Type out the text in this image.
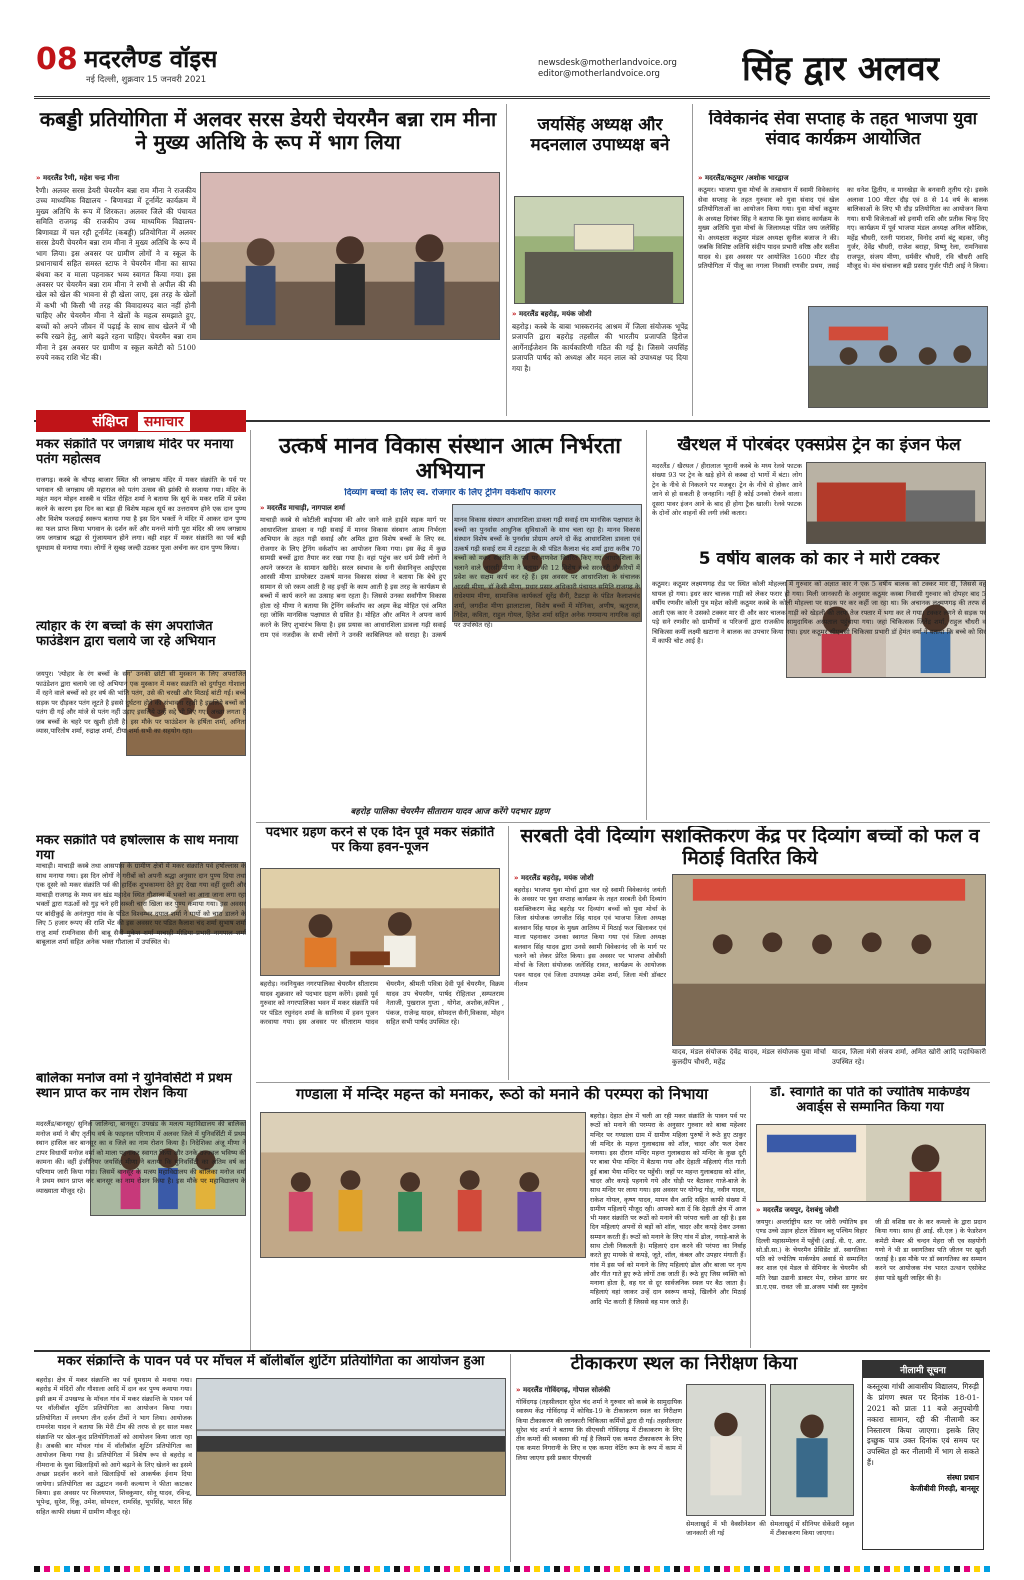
08 मदरलैण्ड वॉइस
नई दिल्ली, शुक्रवार 15 जनवरी 2021
newsdesk@motherlandvoice.org
editor@motherlandvoice.org	सिंह द्वार अलवर
कबड्डी प्रतियोगिता में अलवर सरस डेयरी चेयरमैन बन्ना राम मीना ने मुख्य अतिथि के रूप में भाग लिया
» मदरलैंड रैणी, महेश चन्द्र मीना
रैणी। अलवर सरस डेयरी चेयरमैन बन्ना राम मीना ने राजकीय उच्च माध्यमिक विद्यालय - बिणावडा में टूर्नामेंट कार्यक्रम में मुख्य अतिथि के रूप में शिरकत। अलवर जिले की पंचायत समिति राजगढ़ की राजकीय उच्च माध्यमिक विद्यालय-बिणावडा में चल रही टूर्नामेंट (कबड्डी) प्रतियोगिता में अलवर सरस डेयरी चेयरमैन बन्ना राम मीना ने मुख्य अतिथि के रूप में भाग लिया। इस अवसर पर ग्रामीण लोगों ने व स्कूल के प्रधानाचार्य सहित समस्त स्टाफ ने चेयरमैन मीना का साफा बंधवा कर व माला पहनाकर भव्य स्वागत किया गया। इस अवसर पर चेयरमैन बन्ना राम मीना ने सभी से अपील की की खेल को खेल की भावना से ही खेला जाए, इस तरह के खेलों में कभी भी किसी भी तरह की विवादास्पद बात नहीं होनी चाहिए और चेयरमैन मीना ने खेलों के महत्व समझाते हुए, बच्चों को अपने जीवन में पढ़ाई के साथ साथ खेलने में भी रूचि रखने हेतु, आगे बढ़ते रहना चाहिए। चेयरमैन बन्ना राम मीना ने इस अवसर पर ग्रामीण व स्कूल कमेटी को 5100 रुपये नकद राशि भेंट की।

जयसिंह अध्यक्ष और मदनलाल उपाध्यक्ष बने
» मदरलैंड बहरोड़, मयंक जोशी
बहरोड़। कस्बे के बाबा भास्करानंद आश्रम में जिला संयोजक भूपेंद्र प्रजापति द्वारा बहरोड़ तहसील की भारतीय प्रजापति हिरोज आर्गेनाईजेशन कि कार्यकारिणी गठित की गई है। जिसमे जयसिंह प्रजापति पार्षद को अध्यक्ष और मदन लाल को उपाध्यक्ष पद दिया गया है।
विवेकानंद सेवा सप्ताह के तहत भाजपा युवा संवाद कार्यक्रम आयोजित
» मदरलैंड/कठूमर /अशोक भारद्वाज
कठूमर। भाजपा युवा मोर्चा के तत्वाधान में स्वामी विवेकानंद सेवा सप्ताह के तहत गुरुवार को युवा संवाद एवं खेल प्रतियोगिताओं का आयोजन किया गया। युवा मोर्चा कठूमर के अध्यक्ष दिगंबर सिंह ने बताया कि युवा संवाद कार्यक्रम के मुख्य अतिथि युवा मोर्चा के जिलाध्यक्ष पंडित जय जलेसिंह थे। अध्यक्षता कठूमर मंडल अध्यक्ष सुनील बजाज ने की। जबकि विशिष्ट अतिथि संदीप यादव प्रभारी वरिष्ठ और सतीश यादव थे। इस अवसर पर आयोजित 1600 मीटर दौड़ प्रतियोगिता में पीलू का नगला निवासी रणवीर प्रथम, तसई का धनेश द्वितीय, व मानखेड़ा के बनवारी तृतीय रहे। इसके अलावा 100 मीटर दौड़ एवं 8 से 14 वर्ष के बालक बालिकाओं के लिए भी दौड़ प्रतियोगिता का आयोजन किया गया। सभी विजेताओं को इनामी राशि और प्रतीक चिन्ह दिए गए। कार्यक्रम में पूर्व भाजपा मंडल अध्यक्ष अनिल कौशिक, महेंद्र चौधरी, रतनी पाराशर, विनोद शर्मा बंटू बड़का, जीतू गुर्जर, देवेंद्र चौधरी, राजेश बराहा, विष्णु रेला, रामनिवास राजपूत, संजय मीणा, धर्मवीर चौधरी, रवि चौधरी आदि मौजूद थे। मंच संचालन बद्री प्रसाद गुर्जर पीटी आई ने किया।
संक्षिप्त	समाचार
मकर संक्रांति पर जगन्नाथ मंदिर पर मनाया पतंग महोत्सव
राजगढ़। कस्बे के चौपड़ बाजार स्थित श्री जगन्नाथ मंदिर में मकर संक्रांति के पर्व पर भगवान श्री जगन्नाथ जी महाराज को पतंग उत्सव की झांकी से सजाया गया। मंदिर के महंत मदन मोहन शास्त्री व पंडित रोहित शर्मा ने बताया कि सूर्य के मकर राशि में प्रवेश करने के कारण इस दिन का बड़ा ही विशेष महत्व सूर्य का उत्तरायण होने एक दान पुण्य और विशेष फलदाई स्वरूप बताया गया है इस दिन भक्तों ने मंदिर में आकर दान पुण्य का फल प्राप्त किया भगवान के दर्शन करें और मनन्ते मांगी पूरा मंदिर श्री जय जगन्नाथ जय जगन्नाथ श्रद्धा से गुंजायमान होने लगा। वही शहर में मकर संक्रांति का पर्व बड़ी धूमधाम से मनाया गया। लोगों ने सुबह जल्दी उठकर पूजा अर्चना कर दान पुण्य किया।
त्योहार के रंग बच्चों के संग अपराजित फाउंडेशन द्वारा चलाये जा रहे अभियान
जयपुर। 'त्योहार के रंग बच्चों के संग' उनकी छोटी सी मुस्कान के लिए अपराजित फाउंडेशन द्वारा चलाये जा रहे अभियान एक मुस्कान में मकर सक्रांति को दुर्गापुरा गोशाला में रहने वाले बच्चों को हर वर्ष की भांति पतंग, उसे की चरखी और मिठाई बांटी गई। बच्चे सड़क पर दौड़कर पतंग लूटते है इससे दुर्घटना होने की संभावना रहती है इसलिये बच्चों को पतंग दी गई और मांजे से पतंग नहीं उड़ाए इसलिये उन्हें सद्दे भी दिए गए। अच्छा लगता है जब बच्चों के चहरे पर खुशी होती है। इस मौके पर फाउंडेशन के हर्षिता शर्मा, अनिता व्यास,पारितोष शर्मा, रुद्राक्ष शर्मा, टीया शर्मा सभी का सहयोग रहा।
मकर सक्रांति पर्व हर्षोल्लास के साथ मनाया गया
माचाड़ी। माचाड़ी कस्बे तथा आसपास के ग्रामीण क्षेत्रों में मकर संक्रांति पर्व हर्षोल्लास के साथ मनाया गया। इस दिन लोगों ने गरीबों को अपनी श्रद्धा अनुसार दान पुण्य दिया तथा एक दूसरे को मकर संक्रांति पर्व की हार्दिक शुभकामना देते हुए देखा गया वहीं दूसरी और माचाड़ी राजगढ़ के मध्य वन खंड महादेव स्थित गौशाला में भक्तो का आना जाना लगा रहा भक्तों द्वारा गऊओं को गुड़ चने हरी सब्जी चारा खिला कर पुण्य कमाया गया। इस अवसर पर बांदीकुई के अनंतपुरा गांव के पंडित विश्वम्भर दयाल शर्मा ने गायों को चारा डालने के लिए 5 हजार रूपए की राशि भेंट की इस अवसर पर पंडित कैलाश चंद शर्मा सुभाष शर्मा राजु शर्मा रामनिवास सैनी बाबू सैनी मुकेश शर्मा माचाड़ी मीडिया प्रभारी नागपाल शर्मा बाबूलाल शर्मा सहित अनेक भक्त गौशाला में उपस्थित थे।
बालिका मनोज वर्मा ने युनिवर्सिटी में प्रथम स्थान प्राप्त कर नाम रोशन किया
मदरलैंड/बानसूर/ सुनिल जालिन्दा, बानसूर। उपखंड के मलत्य महाविद्यालय की बालिका मनोज वर्मा ने बीए तृतीय वर्ष के फाइनल परिणाम में अलवर जिले में युनिवर्सिटी में प्रथम स्थान हासिल कर बानसूर का व जिले का नाम रोशन किया है। निदेशिका अंजू मीणा ने टापर विधार्थी मनोज वर्मा को माला पहनाकर स्वागत किया और उनके उज्ज्वल भविष्य की कामना की। वहीं इंजीनियर जयसिंह मीणा ने बताया कि युनिवर्सिटी का अंतिम वर्ष का परिणाम जारी किया गया। जिसमें बानसूर के मत्स्य महाविद्यालय की बालिका मनोज वर्मा ने प्रथम स्थान प्राप्त कर बानसूर का नाम रोशन किया है। इस मौके पर महाविद्यालय के व्याख्याता मौजूद रहे।
उत्कर्ष मानव विकास संस्थान आत्म निर्भरता अभियान
दिव्यांग बच्चों के लिए स्व. रोजगार के लिए ट्रेनिंग वर्कशॉप कारगर
» मदरलैंड माचाड़ी, नागपाल शर्मा
माचाड़ी कस्बे से कोटीली बाईपास की ओर जाने वाले हाईवे सड़क मार्ग पर आधारशिला डावला व गढ़ी सवाई में मानव विकास संस्थान आत्म निर्भरता अभियान के तहत गढ़ी सवाई और अमित द्वारा विशेष बच्चों के लिए स्व. रोजगार के लिए ट्रेनिंग वर्कशॉप का आयोजन किया गया। इस केंद्र में कुछ सामग्री बच्चों द्वारा तैयार कर रखा गया है। वहां पहुंच कर धर्म प्रेमी लोगों ने अपने जरूरत के सामान खरीदे। सरल स्वभाव के धनी सेवानिवृत्त आईएएस आरसी मीणा डायरेक्टर उत्कर्ष मानव विकास संस्था ने बताया कि बेचे हुए सामान से जो रकम आती है वह इन्हीं के काम आती है इस तरह के कार्यक्रम से बच्चों में कार्य करने का उत्साह बना रहता है। जिससे उनका सर्वांगीण विकास होता रहे मीणा ने बताया कि ट्रेनिंग वर्कशॉप का अहम केंद्र मोहित एवं अमित रहा जोकि मानसिक पक्षाघात से ग्रसित है। मोहित और अमित ने अपना कार्य करने के लिए शुभारंभ किया है। इस प्रयास का आधारशिला डावला गढ़ी सवाई राम एवं नजदीक के सभी लोगों ने उनकी काबिलियत को सराहा है। उत्कर्ष मानव विकास संस्थान आधारशिला डावला गढ़ी सवाई राम मानसिक पक्षाघात के बच्चों का पुनर्वास आधुनिक सुविधाओं के साथ चला रहा है। मानव विकास संस्थान विशेष बच्चों के पुनर्वास प्रोग्राम अपने दो केंद्र आधारशिला डावला एवं उत्कर्ष गढ़ी सवाई राम में टहटड़ा के श्री पंडित कैलाश चंद शर्मा द्वारा करीब 70 बच्चों को मकर संक्रांति के पर्व पर गणवेश वितरित किए गए आधारशिला के चलाने वाले आरसी मीणा ने बताया की 12 विशेष बच्चे सरकारी नौकरियों में प्रवेश कर सक्षम कार्य कर रहे हैं। इस अवसर पर आधारशिला के संचालक आरसी मीणा, डॉ केसी मीणा, प्रधार प्रसार अधिकारी पंचायत समिति राजगढ़ के राधेश्याम मीणा, सामाजिक कार्यकर्ता सुरेंद्र सैनी, टैडटड़ा के पंडित कैलाशचंद शर्मा, जगदीश मीणा झालाटाला, विशेष बच्चों में मोनिका, अणीष, ऋतुराज, निदेश, कविता, राहुल गोयल, हितेश शर्मा सहित अनेक गणमान्य नागरिक वहां पर उपस्थित रहे।
बहरोड़ पालिका चेयरमैन सीताराम यादव आज करेंगे पदभार ग्रहण
खैरथल में पोरबंदर एक्सप्रेस ट्रेन का इंजन फेल
मदरलैंड / खैरथल / हीरालाल भूरानी कस्बे के मध्य रेलवे फाटक संख्या 93 पर ट्रेन के खड़े होने से कस्बा दो भागों में बंटा। लोग ट्रेन के नीचे से निकलने पर मजबूर। ट्रेन के नीचे से होकर आने जाने से हो सकती है जनहानि। नहीं है कोई उनको रोकने वाला। दूसरा पावर इंजन आने के बाद ही होगा ट्रैक खाली। रेलवे फाटक के दोनों ओर वाहनों की लगी लंबी कतार।
5 वर्षीय बालक को कार ने मारी टक्कर
कठूमर। कठूमर लक्ष्मणगढ़ रोड पर स्थित कोली मोहल्ला में गुरुवार को अज्ञात कार ने एक 5 वर्षीय बालक को टक्कर मार दी, जिससे वह घायल हो गया। इधर कार चालक गाड़ी को लेकर फरार हो गया। मिली जानकारी के अनुसार कठूमर कस्बा निवासी गुरुवार को दोपहर बाद 5 वर्षीय रणवीर कोली पुत्र महेश कोली कठूमर कस्बे के कोली मोहल्ला पर सड़क पर कर कहीं जा रहा था। कि अचानक लक्ष्मणगढ़ की तरफ से आती एक कार ने उसको टक्कर मार दी और कार चालक गाड़ी को खेड़ली की तरफ तेज रफ्तार में भगा कर ले गया। टक्कर लगने से सड़क पर पड़े सने रणवीर को ग्रामीणों व परिजनों द्वारा राजकीय सामुदायिक अस्पताल पहुंचाया गया। जहां चिकित्सक जितेंद्र शर्मा, राहुल चौधरी व चिकित्सा कर्मी लक्ष्मी खटाना ने बालक का उपचार किया गया। इधर कठूमर सीएचसी चिकित्सा प्रभारी डॉ हेमंत वर्मा ने बताया कि बच्चे को सिर में काफी चोट आई है।
पदभार ग्रहण करने से एक दिन पूर्व मकर संक्रांति पर किया हवन-पूजन
बहरोड़। नवनियुक्त नगरपालिका चेयरमैन सीताराम यादव शुक्रवार को पदभार ग्रहण करेंगे। इससे पूर्व गुरुवार को नगरपालिका भवन में मकर संक्रांति पर्व पर पंडित रघुनंदन शर्मा के सानिध्य में हवन पूजन करवाया गया। इस अवसर पर सीताराम यादव चेयरमैन, श्रीमती पवित्रा देवी पूर्व चेयरमैन, विक्रम यादव उप चेयरमैन, पार्षद रोहिताश ,सम्पतराम नेताजी, पुखराज गुप्ता , योगेश, अशोक,कपिल , पंकज, राजेन्द्र यादव, सोमदत्त सैनी,विकास, मोहन सहित सभी पार्षद उपस्थित रहे।
सरबती देवी दिव्यांग सशक्तिकरण केंद्र पर दिव्यांग बच्चों को फल व मिठाई वितरित किये
» मदरलैंड बहरोड़, मयंक जोशी
बहरोड़। भाजपा युवा मोर्चा द्वारा चल रहे स्वामी विवेकानंद जयंती के अवसर पर युवा सप्ताह कार्यक्रम के तहत सरबती देवी दिव्यांग सशक्तिकरण केंद्र बहरोड़ पर दिव्यांग बच्चों को युवा मोर्चा के जिला संयोजक जगजीत सिंह यादव एवं भाजपा जिला अध्यक्ष बलवान सिंह यादव के मुख्य आतिथ्य में मिठाई फल खिलाकर एवं माला पहनाकर उनका स्वागत किया गया एवं जिला अध्यक्ष बलवान सिंह यादव द्वारा उनसे स्वामी विवेकानंद जी के मार्ग पर चलने को लेकर प्रेरित किया। इस अवसर पर भाजपा ओबीसी मोर्चा के जिला संयोजक जलेसिंह रावत, कार्यक्रम के आयोजक पवन यादव एवं जिला उपाध्यक्ष उमेश शर्मा, जिला मंत्री डॉक्टर नीलम
यादव, मंडल संयोजक देवेंद्र यादव, मंडल संयोजक युवा मोर्चा कुलदीप चौधरी, महेंद्र
यादव, जिला मंत्री संजय शर्मा, अमित खोरी आदि पदाधिकारी उपस्थित रहे।
गण्डाला में मन्दिर महन्त को मनाकर, रूठो को मनाने की परम्परा को निभाया
बहरोड़। देहात क्षेत्र में चली आ रही मकर संक्रांति के पावन पर्व पर रूठों को मनाने की परम्परा के अनुसार गुरुवार को बाबा महेश्वर मन्दिर पर गण्डाला ग्राम में ग्रामीण महिला पुरुषों ने रूठे हुए ठाकुर जी मन्दिर के महन्त गुलाबदास को शॉल, चादर और फल देकर मनाया। इस दौरान मन्दिर महन्त गुलाबदास को मन्दिर के कुछ दूरी पर बाबा भैया मन्दिर में बैठाया गया और देहाती महिलाएं गीत गाती हुई बाबा भैया मन्दिर पर पहुँची। जहाँ पर महन्त गुलाबदास को शॉल, चादर और कपड़े पहनाये गये और घोड़ी पर बैठाकर गाजे-बाजे के साथ मन्दिर पर लाया गया। इस अवसर पर योगेन्द्र गोड़, नवीन यादव, राकेश गोयल, कृष्ण यादव, मामन सैन आदि सहित काफी संख्या में ग्रामीण महिलाएँ मौजूद रही। आपको बता दें कि देहाती क्षेत्र में आज भी मकर संक्रांति पर रूठों को मनाने की परंपरा चली आ रही है। इस दिन महिलाएं अपनों से बड़ों को शॉल, चादर और कपड़े देकर उनका सम्मान करती हैं। रूठों को मनाने के लिए गांव में ढोल, नगाड़े-बाजे के साथ टोली निकलती है। महिलाएं दान करने की परंपरा का निर्वाह करते हुए मायके से कपड़े, जूते, शॉल, कंबल और उपहार मंगाती हैं। गांव में इस पर्व को मनाने के लिए महिलाएं ढोल और बाजा पर नृत्य और गीत गाते हुए रूठे लोगों तक जाती हैं। रूठे हुए जिस व्यक्ति को मनाना होता है, वह घर से दूर सार्वजनिक स्थल पर बैठ जाता है। महिलाएं वहां जाकर उन्हें दान स्वरूप कपड़े, खिलौने और मिठाई आदि भेंट करती हैं जिससे वह मान जाते हैं।

डॉ. स्वागति का पति को ज्योतिष मार्कण्डेय अवार्ड्स से सम्मानित किया गया
» मदरलैंड जयपुर, देशबंधु जोशी
जयपुर। अन्तर्राष्ट्रीय स्तर पर जोरी ज्योतिष इव एण्ड उच्चे उड़ान होटल रेडिसन ब्लू पश्चिम विहार दिल्ली महासम्मेलन में पहुँची (आई. वी. ए. आर. सो.डी.सा.) के चेयरमैन प्रेसिडेंट डॉ. स्वागतिका पति को ज्योतिष मार्कण्डेय अवार्ड से सम्मानित कर शाल एवं मेडल से सेमिनार के चेयरमैन श्री मति रेखा उडानी डाक्टर मेम, राकेश डागर सर डा.ए.एस. रावत जी डा.अजय भांबी सर मुकदेव जी डी वशिष्ठ सर के कर कमलो के द्वारा प्रदान किया गया। साथ ही आई. सी.एल ) के फेडरेशन कमेटी मेम्बर श्री चन्दन मेहरा जी एव सहयोगी गणो ने भी डा स्वागतिका पति जीतन पर खुशी जताई है। इस मौके पर डॉ स्वागतिका का सम्मान करने पर आयोजक मंच भारत उत्थान एसोकेट हंसा पाडे खुशी जाहिर की है।
मकर संक्रान्ति के पावन पर्व पर मॉचल में बॉलीबॉल शुटिंग प्रतियोगिता का आयोजन हुआ
बहरोड़। क्षेत्र में मकर संक्रान्ति का पर्व धूमधाम से मनाया गया। बहरोड़ में मंदिरों और गौशाला आदि में दान कर पुण्य कमाया गया। इसी क्रम में उपखण्ड के मॉचल गांव में मकर संक्रान्ति के पावन पर्व पर वॉलीबॉल शुटिंग प्रतियोगिता का आयोजन किया गया। प्रतियोगिता में लगभग तीन दर्जन टीमों ने भाग लिया। आयोजक रामनरेश यादव ने बताया कि मेरी टीम की तरफ से हर साल मकर संक्रान्ति पर खेल-कूद प्रतियोगिताओं को आयोजन किया जाता रहा है। अबकी बार मॉचल गांव में वॉलीबॉल शुटिंग प्रतियोगिता का आयोजन किया गया है। प्रतियोगिता में विशेष रूप से बहरोड़ व नीमराना के युवा खिलाड़ियों को आगे बढ़ाने के लिए खेलने का इसमे अच्छा प्रदर्शन करने वाले खिलाड़ियों को आकर्षक ईनाम दिया जायेगा। प्रतियोगिता का उद्घाटन नवनी कल्याण ने फीता काटकर किया। इस अवसर पर विजयपाल, शिवकुमार, सोनू यादव, रविन्द्र, भूपेन्द्र, सुरेश, रिंकू, उमेश, सोमदत्त, रामसिंह, भूपसिंह, भारत सिंह सहित काफी संख्या में ग्रामीण मौजूद रहे।

टीकाकरण स्थल का निरीक्षण किया
» मदरलैंड गोविंदगढ़, गोपाल सोलंकी
गोविंदगढ़ (तहसीलदार सुरेश चंद शर्मा ने गुरुवार को कस्बे के सामुदायिक स्वास्थ्य केंद्र गोविंदगढ़ में कोविड-19 के टीकाकरण स्थल का निरीक्षण किया टीकाकरण की जानकारी चिकित्सा कर्मियों द्वारा दी गई। तहसीलदार सुरेश चंद शर्मा ने बताया कि सीएचसी गोविंदगढ़ में टीकाकरण के लिए तीन कमरों की व्यवस्था की गई है जिसमें एक कमरा टीकाकरण के लिए एक कमरा निगरानी के लिए व एक कमरा वेटिंग रूम के रूप में काम में लिया जाएगा इसी प्रकार पीएचसी
सेमलाखुर्द में भी वैक्सीनेशन की जानकारी ली गई
सेमलाखुर्द में सीनियर सेकेंडरी स्कूल में टीकाकरण किया जाएगा।
नीलामी सूचना
कस्तूरबा गांधी आवासीय विद्यालय, गिरुड़ी के प्रांगण स्थल पर दिनांक 18-01-2021 को प्रातः 11 बजे अनुपयोगी नकारा सामान, रद्दी की नीलामी कर निस्तारण किया जाएगा। इसके लिए इच्छुक पात्र उक्त दिनांक एवं समय पर उपस्थित हो कर नीलामी में भाग ले सकते हैं।
संस्था प्रधान
केजीबीवी गिरुड़ी, बानसूर
